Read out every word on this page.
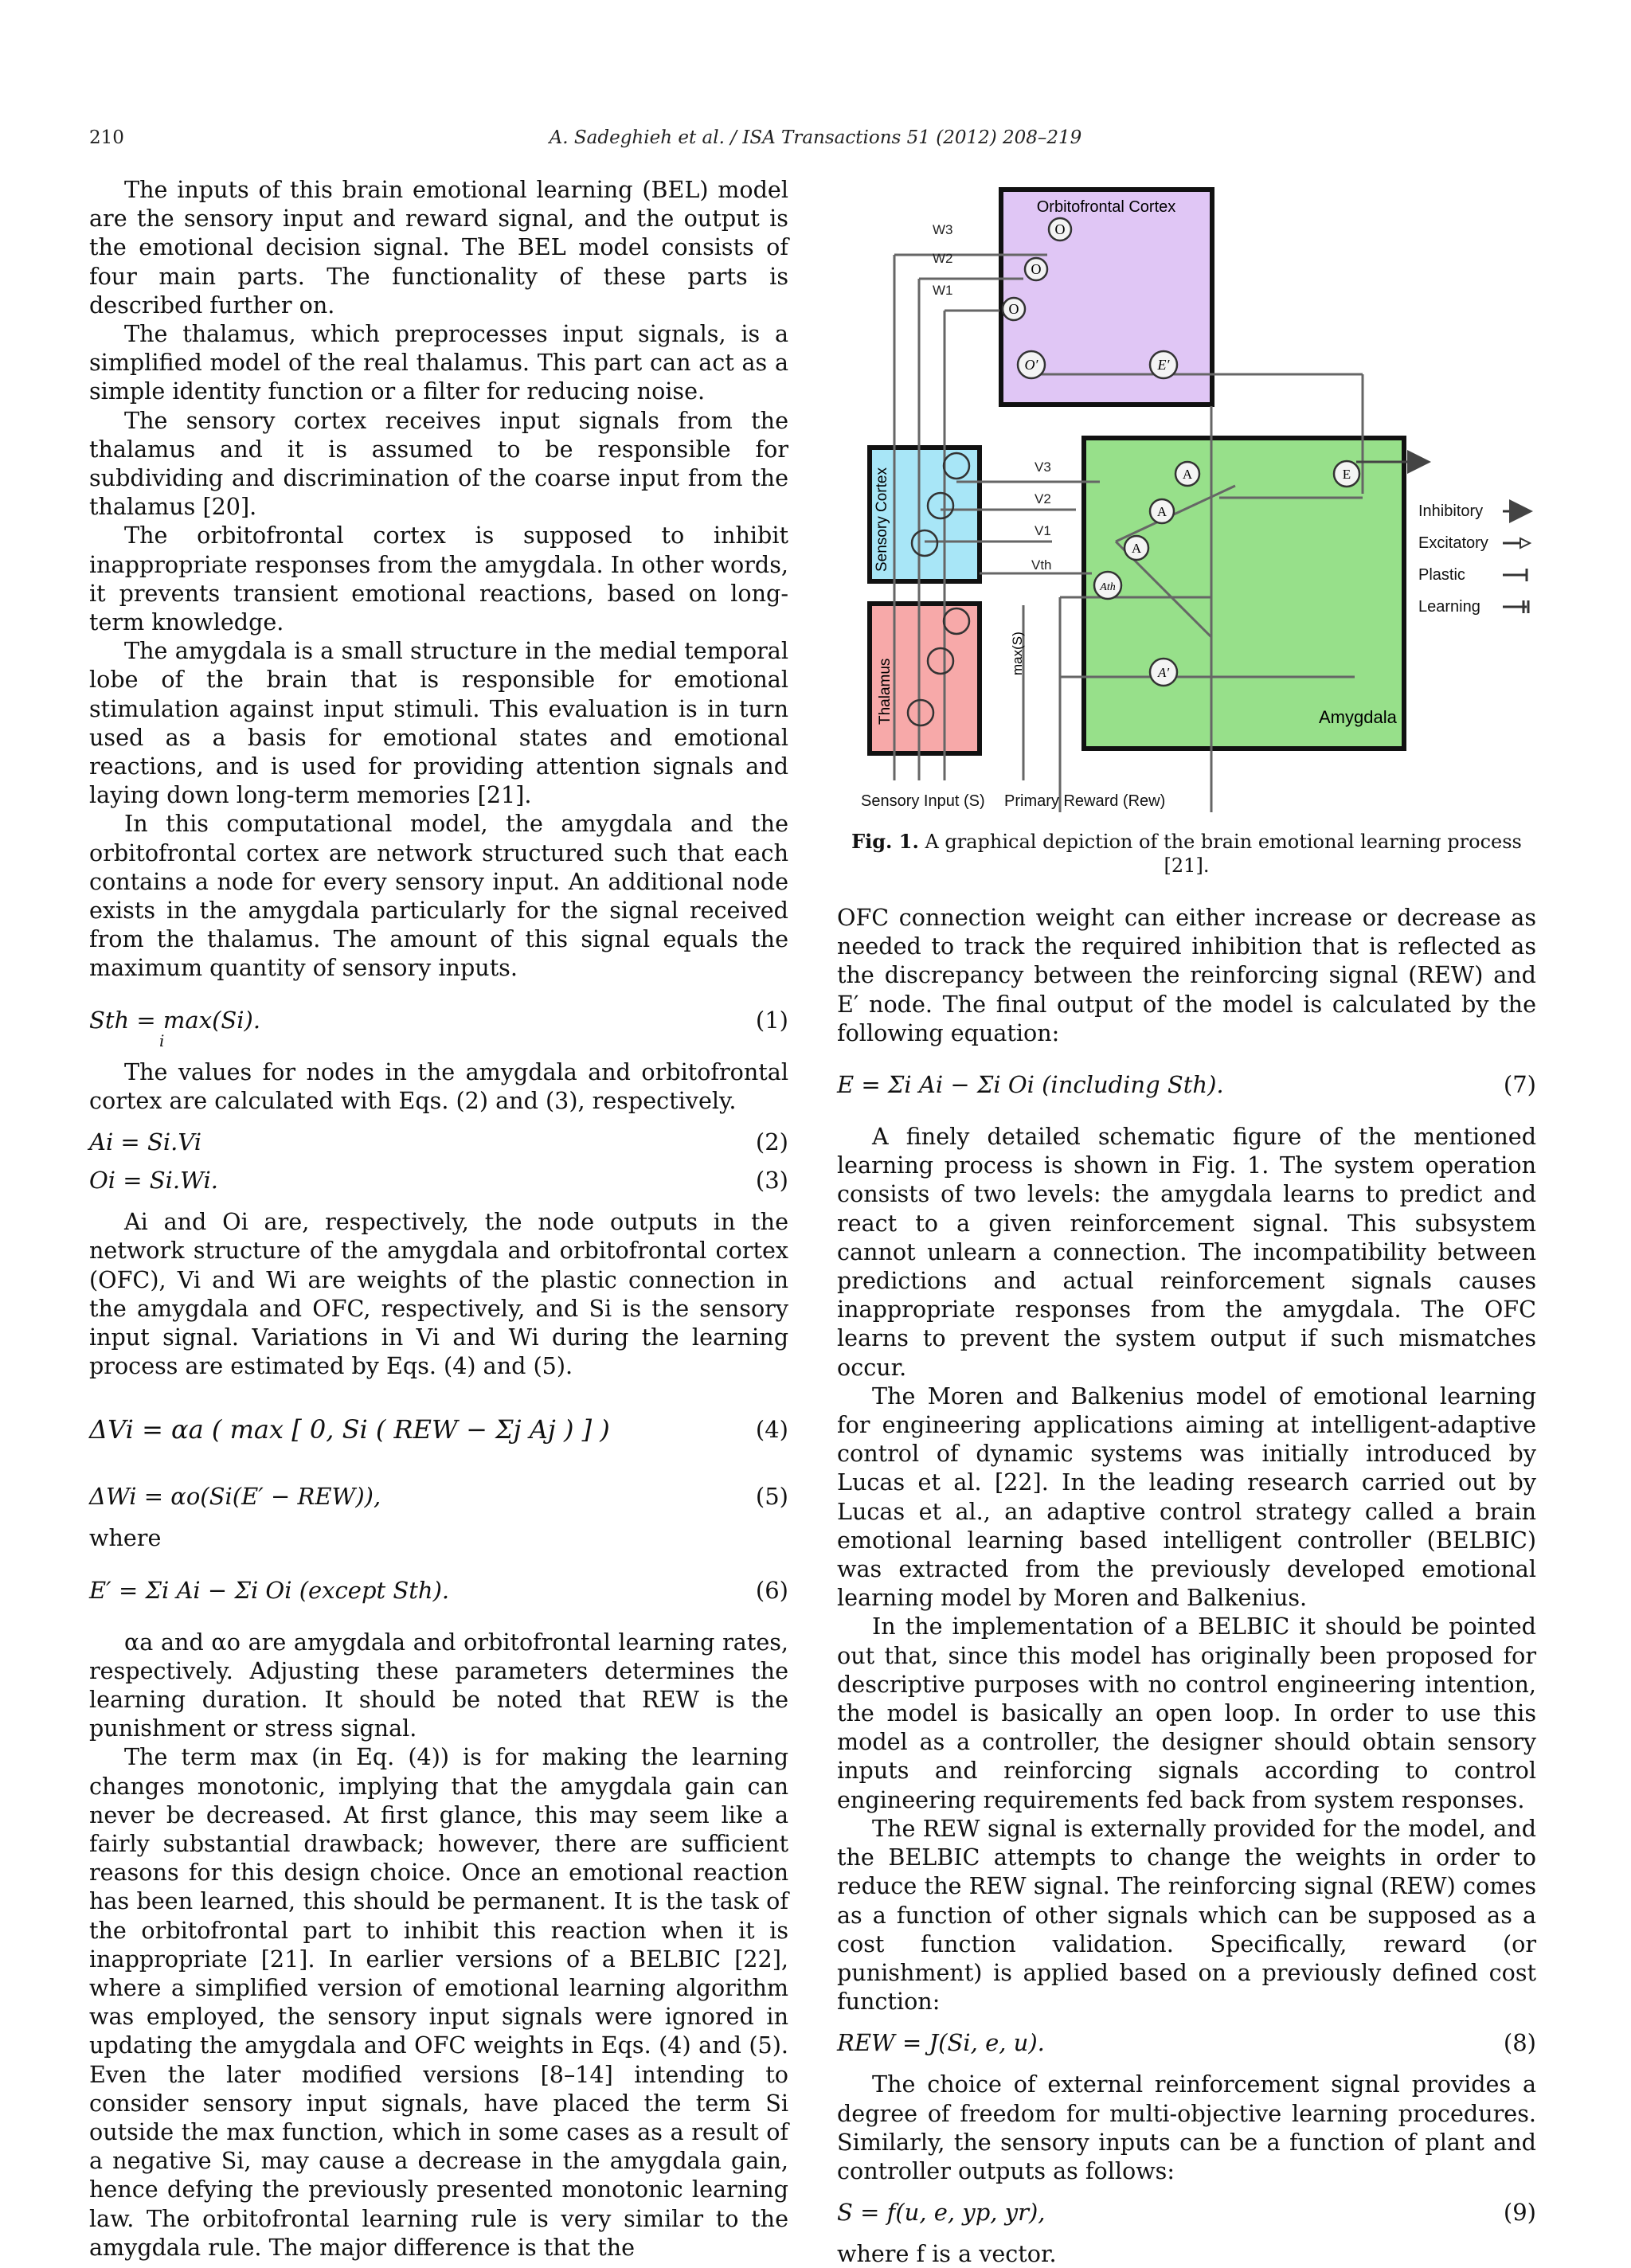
210	A. Sadeghieh et al. / ISA Transactions 51 (2012) 208–219

The inputs of this brain emotional learning (BEL) model are the sensory input and reward signal, and the output is the emotional decision signal. The BEL model consists of four main parts. The functionality of these parts is described further on.

The thalamus, which preprocesses input signals, is a simplified model of the real thalamus. This part can act as a simple identity function or a filter for reducing noise.

The sensory cortex receives input signals from the thalamus and it is assumed to be responsible for subdividing and discrimination of the coarse input from the thalamus [20].

The orbitofrontal cortex is supposed to inhibit inappropriate responses from the amygdala. In other words, it prevents transient emotional reactions, based on long-term knowledge.

The amygdala is a small structure in the medial temporal lobe of the brain that is responsible for emotional stimulation against input stimuli. This evaluation is in turn used as a basis for emotional states and emotional reactions, and is used for providing attention signals and laying down long-term memories [21].

In this computational model, the amygdala and the orbitofrontal cortex are network structured such that each contains a node for every sensory input. An additional node exists in the amygdala particularly for the signal received from the thalamus. The amount of this signal equals the maximum quantity of sensory inputs.

Sth = max(Si).
i
(1)

The values for nodes in the amygdala and orbitofrontal cortex are calculated with Eqs. (2) and (3), respectively.

Ai = Si.Vi	(2)
Oi = Si.Wi.	(3)

Ai and Oi are, respectively, the node outputs in the network structure of the amygdala and orbitofrontal cortex (OFC), Vi and Wi are weights of the plastic connection in the amygdala and OFC, respectively, and Si is the sensory input signal. Variations in Vi and Wi during the learning process are estimated by Eqs. (4) and (5).

ΔVi = αa ( max [ 0, Si ( REW − Σj Aj ) ] )	(4)
ΔWi = αo(Si(E′ − REW)),	(5)

where

E′ = Σi Ai − Σi Oi (except Sth).	(6)

αa and αo are amygdala and orbitofrontal learning rates, respectively. Adjusting these parameters determines the learning duration. It should be noted that REW is the punishment or stress signal.

The term max (in Eq. (4)) is for making the learning changes monotonic, implying that the amygdala gain can never be decreased. At first glance, this may seem like a fairly substantial drawback; however, there are sufficient reasons for this design choice. Once an emotional reaction has been learned, this should be permanent. It is the task of the orbitofrontal part to inhibit this reaction when it is inappropriate [21]. In earlier versions of a BELBIC [22], where a simplified version of emotional learning algorithm was employed, the sensory input signals were ignored in updating the amygdala and OFC weights in Eqs. (4) and (5). Even the later modified versions [8–14] intending to consider sensory input signals, have placed the term Si outside the max function, which in some cases as a result of a negative Si, may cause a decrease in the amygdala gain, hence defying the previously presented monotonic learning law. The orbitofrontal learning rule is very similar to the amygdala rule. The major difference is that the

Orbitofrontal Cortex
Amygdala
Sensory Cortex
Thalamus
W3
W2
W1
V3
V2
V1
Vth
max(S)
O
O
O
O′	E′
A
A
A
Ath
A′
E
Inhibitory
Excitatory
Plastic
Learning
Sensory Input (S) Primary Reward (Rew)
Fig. 1. A graphical depiction of the brain emotional learning process [21].

OFC connection weight can either increase or decrease as needed to track the required inhibition that is reflected as the discrepancy between the reinforcing signal (REW) and E′ node. The final output of the model is calculated by the following equation:

E = Σi Ai − Σi Oi (including Sth).	(7)

A finely detailed schematic figure of the mentioned learning process is shown in Fig. 1. The system operation consists of two levels: the amygdala learns to predict and react to a given reinforcement signal. This subsystem cannot unlearn a connection. The incompatibility between predictions and actual reinforcement signals causes inappropriate responses from the amygdala. The OFC learns to prevent the system output if such mismatches occur.

The Moren and Balkenius model of emotional learning for engineering applications aiming at intelligent-adaptive control of dynamic systems was initially introduced by Lucas et al. [22]. In the leading research carried out by Lucas et al., an adaptive control strategy called a brain emotional learning based intelligent controller (BELBIC) was extracted from the previously developed emotional learning model by Moren and Balkenius.

In the implementation of a BELBIC it should be pointed out that, since this model has originally been proposed for descriptive purposes with no control engineering intention, the model is basically an open loop. In order to use this model as a controller, the designer should obtain sensory inputs and reinforcing signals according to control engineering requirements fed back from system responses.

The REW signal is externally provided for the model, and the BELBIC attempts to change the weights in order to reduce the REW signal. The reinforcing signal (REW) comes as a function of other signals which can be supposed as a cost function validation. Specifically, reward (or punishment) is applied based on a previously defined cost function:

REW = J(Si, e, u).	(8)

The choice of external reinforcement signal provides a degree of freedom for multi-objective learning procedures. Similarly, the sensory inputs can be a function of plant and controller outputs as follows:

S = f(u, e, yp, yr),	(9)

where f is a vector.
